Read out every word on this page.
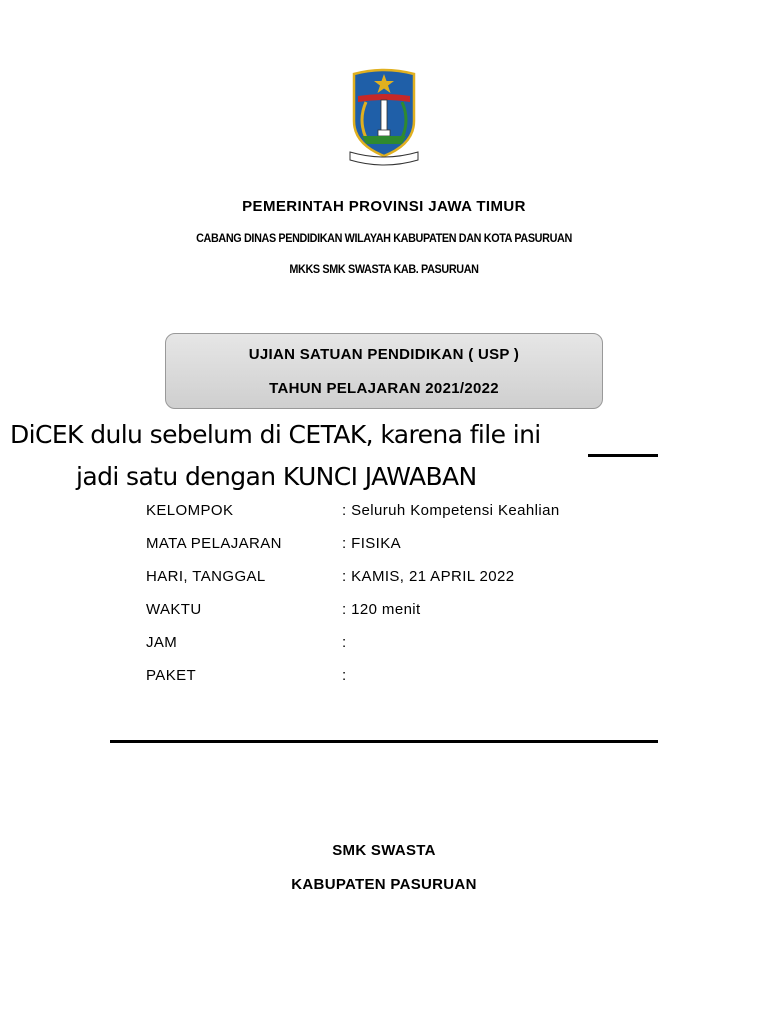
PEMERINTAH PROVINSI JAWA TIMUR
CABANG DINAS PENDIDIKAN WILAYAH KABUPATEN DAN KOTA PASURUAN
MKKS SMK SWASTA KAB. PASURUAN
UJIAN SATUAN PENDIDIKAN ( USP )
TAHUN PELAJARAN 2021/2022
DiCEK dulu sebelum di CETAK, karena file ini
jadi satu dengan KUNCI JAWABAN
KELOMPOK	: Seluruh Kompetensi Keahlian
MATA PELAJARAN	: FISIKA
HARI, TANGGAL	: KAMIS, 21 APRIL 2022
WAKTU	: 120 menit
JAM	:
PAKET	:
SMK SWASTA
KABUPATEN PASURUAN
